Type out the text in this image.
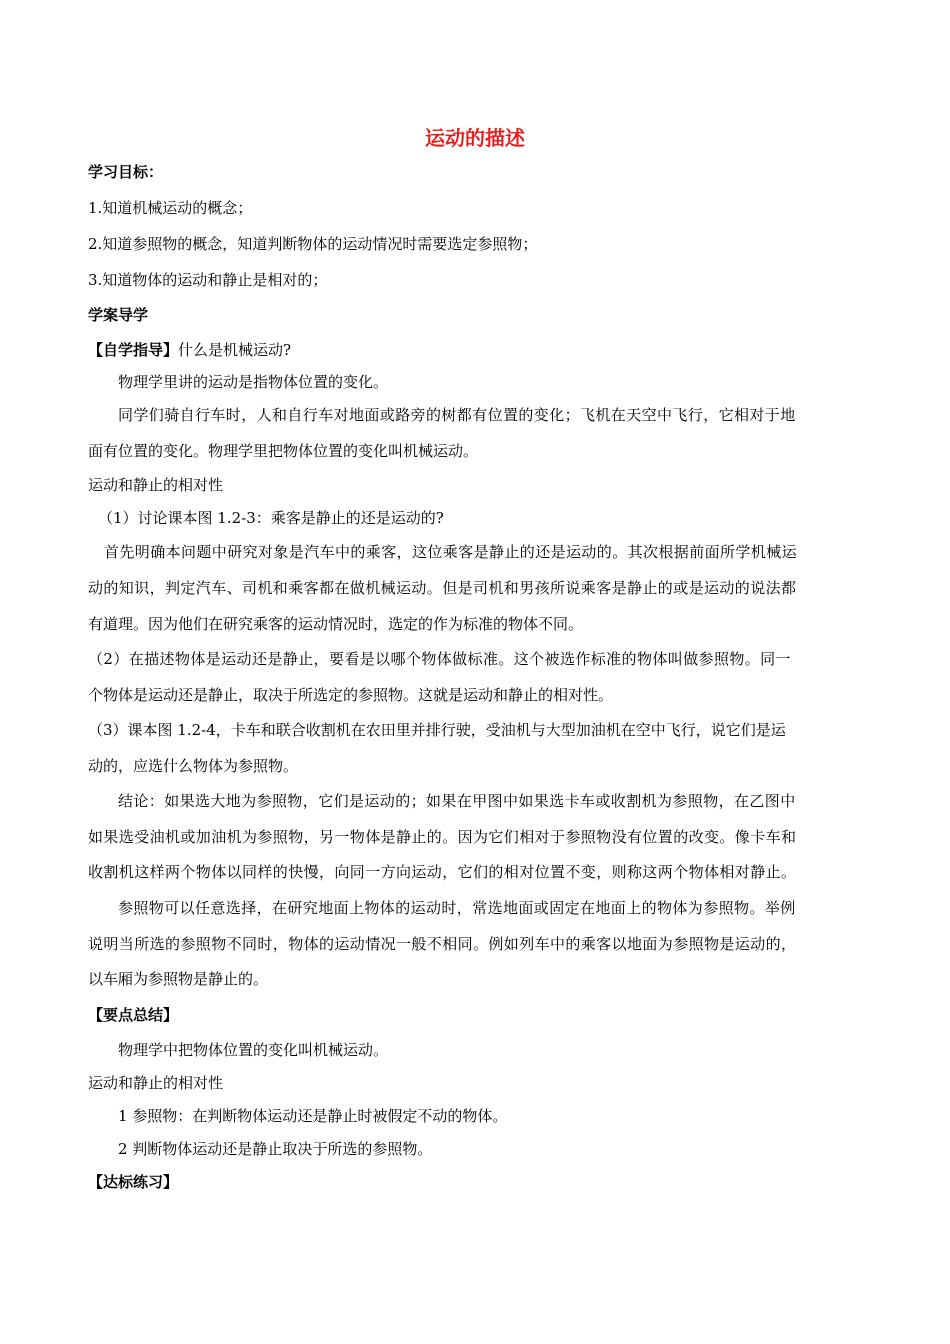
运动的描述
学习目标：
1.知道机械运动的概念；
2.知道参照物的概念，知道判断物体的运动情况时需要选定参照物；
3.知道物体的运动和静止是相对的；
学案导学
【自学指导】什么是机械运动?
物理学里讲的运动是指物体位置的变化。
同学们骑自行车时，人和自行车对地面或路旁的树都有位置的变化；飞机在天空中飞行，它相对于地
面有位置的变化。物理学里把物体位置的变化叫机械运动。
运动和静止的相对性
（1）讨论课本图 1.2-3：乘客是静止的还是运动的?
首先明确本问题中研究对象是汽车中的乘客，这位乘客是静止的还是运动的。其次根据前面所学机械运
动的知识，判定汽车、司机和乘客都在做机械运动。但是司机和男孩所说乘客是静止的或是运动的说法都
有道理。因为他们在研究乘客的运动情况时，选定的作为标准的物体不同。
（2）在描述物体是运动还是静止，要看是以哪个物体做标准。这个被选作标准的物体叫做参照物。同一
个物体是运动还是静止，取决于所选定的参照物。这就是运动和静止的相对性。
（3）课本图 1.2-4，卡车和联合收割机在农田里并排行驶，受油机与大型加油机在空中飞行，说它们是运
动的，应选什么物体为参照物。
结论：如果选大地为参照物，它们是运动的；如果在甲图中如果选卡车或收割机为参照物，在乙图中
如果选受油机或加油机为参照物，另一物体是静止的。因为它们相对于参照物没有位置的改变。像卡车和
收割机这样两个物体以同样的快慢，向同一方向运动，它们的相对位置不变，则称这两个物体相对静止。
参照物可以任意选择，在研究地面上物体的运动时，常选地面或固定在地面上的物体为参照物。举例
说明当所选的参照物不同时，物体的运动情况一般不相同。例如列车中的乘客以地面为参照物是运动的，
以车厢为参照物是静止的。
【要点总结】
物理学中把物体位置的变化叫机械运动。
运动和静止的相对性
1 参照物：在判断物体运动还是静止时被假定不动的物体。
2 判断物体运动还是静止取决于所选的参照物。
【达标练习】
